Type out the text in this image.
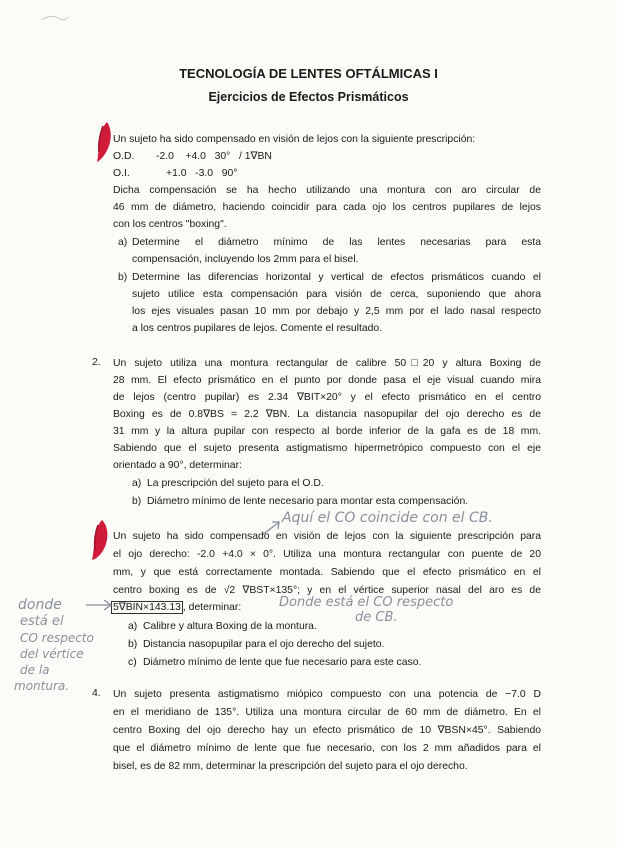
TECNOLOGÍA DE LENTES OFTÁLMICAS I
Ejercicios de Efectos Prismáticos
Un sujeto ha sido compensado en visión de lejos con la siguiente prescripción:
O.D. -2.0    +4.0   30°   / 1∇BN
O.I.	+1.0   -3.0   90°
Dicha compensación se ha hecho utilizando una montura con aro circular de
46 mm de diámetro, haciendo coincidir para cada ojo los centros pupilares de lejos
con los centros "boxing".
a) Determine el diámetro mínimo de las lentes necesarias para esta
compensación, incluyendo los 2mm para el bisel.
b) Determine las diferencias horizontal y vertical de efectos prismáticos cuando el
sujeto utilice esta compensación para visión de cerca, suponiendo que ahora
los ejes visuales pasan 10 mm por debajo y 2,5 mm por el lado nasal respecto
a los centros pupilares de lejos. Comente el resultado.
2. Un sujeto utiliza una montura rectangular de calibre 50□20 y altura Boxing de
28 mm. El efecto prismático en el punto por donde pasa el eje visual cuando mira
de lejos (centro pupilar) es 2.34 ∇BIT×20° y el efecto prismático en el centro
Boxing es de 0.8∇BS = 2.2 ∇BN. La distancia nasopupilar del ojo derecho es de
31 mm y la altura pupilar con respecto al borde inferior de la gafa es de 18 mm.
Sabiendo que el sujeto presenta astigmatismo hipermetrópico compuesto con el eje
orientado a 90°, determinar:
a) La prescripción del sujeto para el O.D.
b) Diámetro mínimo de lente necesario para montar esta compensación.
Aquí el CO coincide con el CB.
Un sujeto ha sido compensado en visión de lejos con la siguiente prescripción para
el ojo derecho: -2.0 +4.0 × 0°. Utiliza una montura rectangular con puente de 20
mm, y que está correctamente montada. Sabiendo que el efecto prismático en el
centro boxing es de √2 ∇BST×135°; y en el vértice superior nasal del aro es de
5∇BIN×143.13 , determinar:	Donde está el CO respecto
de CB.
a) Calibre y altura Boxing de la montura.
b) Distancia nasopupilar para el ojo derecho del sujeto.
c) Diámetro mínimo de lente que fue necesario para este caso.
donde
está el
CO respecto
del vértice
de la
montura.
4. Un sujeto presenta astigmatismo miópico compuesto con una potencia de −7.0 D
en el meridiano de 135°. Utiliza una montura circular de 60 mm de diámetro. En el
centro Boxing del ojo derecho hay un efecto prismático de 10 ∇BSN×45°. Sabiendo
que el diámetro mínimo de lente que fue necesario, con los 2 mm añadidos para el
bisel, es de 82 mm, determinar la prescripción del sujeto para el ojo derecho.
